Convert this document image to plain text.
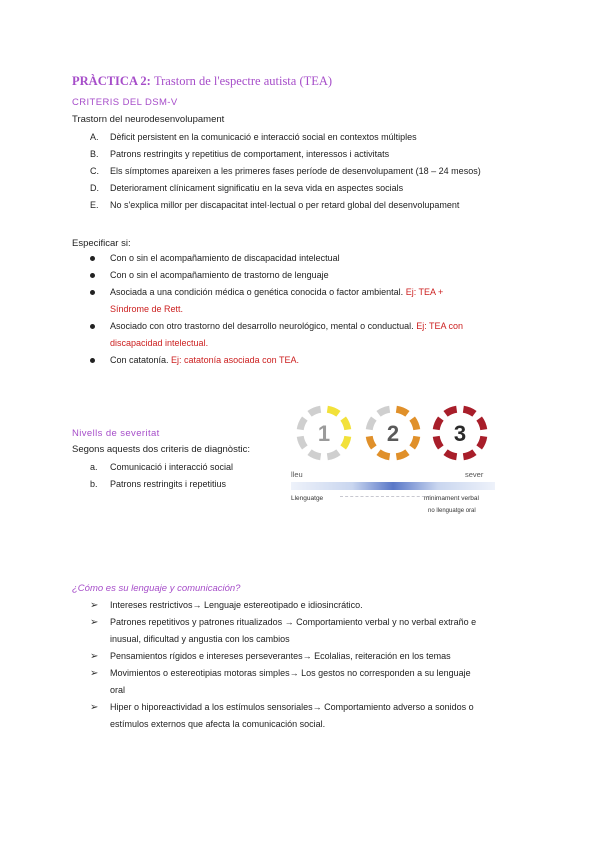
PRÀCTICA 2: Trastorn de l'espectre autista (TEA)
CRITERIS DEL DSM-V
Trastorn del neurodesenvolupament
A.	Dèficit persistent en la comunicació e interacció social en contextos múltiples
B.	Patrons restringits y repetitius de comportament, interessos i activitats
C.	Els símptomes apareixen a les primeres fases període de desenvolupament (18 – 24 mesos)
D.	Deteriorament clínicament significatiu en la seva vida en aspectes socials
E.	No s'explica millor per discapacitat intel·lectual o per retard global del desenvolupament
Especificar si:
Con o sin el acompañamiento de discapacidad intelectual
Con o sin el acompañamiento de trastorno de lenguaje
Asociada a una condición médica o genética conocida o factor ambiental. Ej: TEA +
Síndrome de Rett.
Asociado con otro trastorno del desarrollo neurológico, mental o conductual. Ej: TEA con
discapacidad intelectual.
Con catatonía. Ej: catatonía asociada con TEA.
Nivells de severitat
Segons aquests dos criteris de diagnòstic:
a.	Comunicació i interacció social
b.	Patrons restringits i repetitius
1	2 3
lleu	sever
Llenguatge	minimament verbal
no llenguatge oral
¿Cómo es su lenguaje y comunicación?
➢	Intereses restrictivos→ Lenguaje estereotipado e idiosincrático.
➢	Patrones repetitivos y patrones ritualizados → Comportamiento verbal y no verbal extraño e
inusual, dificultad y angustia con los cambios
➢	Pensamientos rígidos e intereses perseverantes→ Ecolalias, reiteración en los temas
➢	Movimientos o estereotipias motoras simples→ Los gestos no corresponden a su lenguaje
oral
➢	Hiper o hiporeactividad a los estímulos sensoriales→ Comportamiento adverso a sonidos o
estímulos externos que afecta la comunicación social.
